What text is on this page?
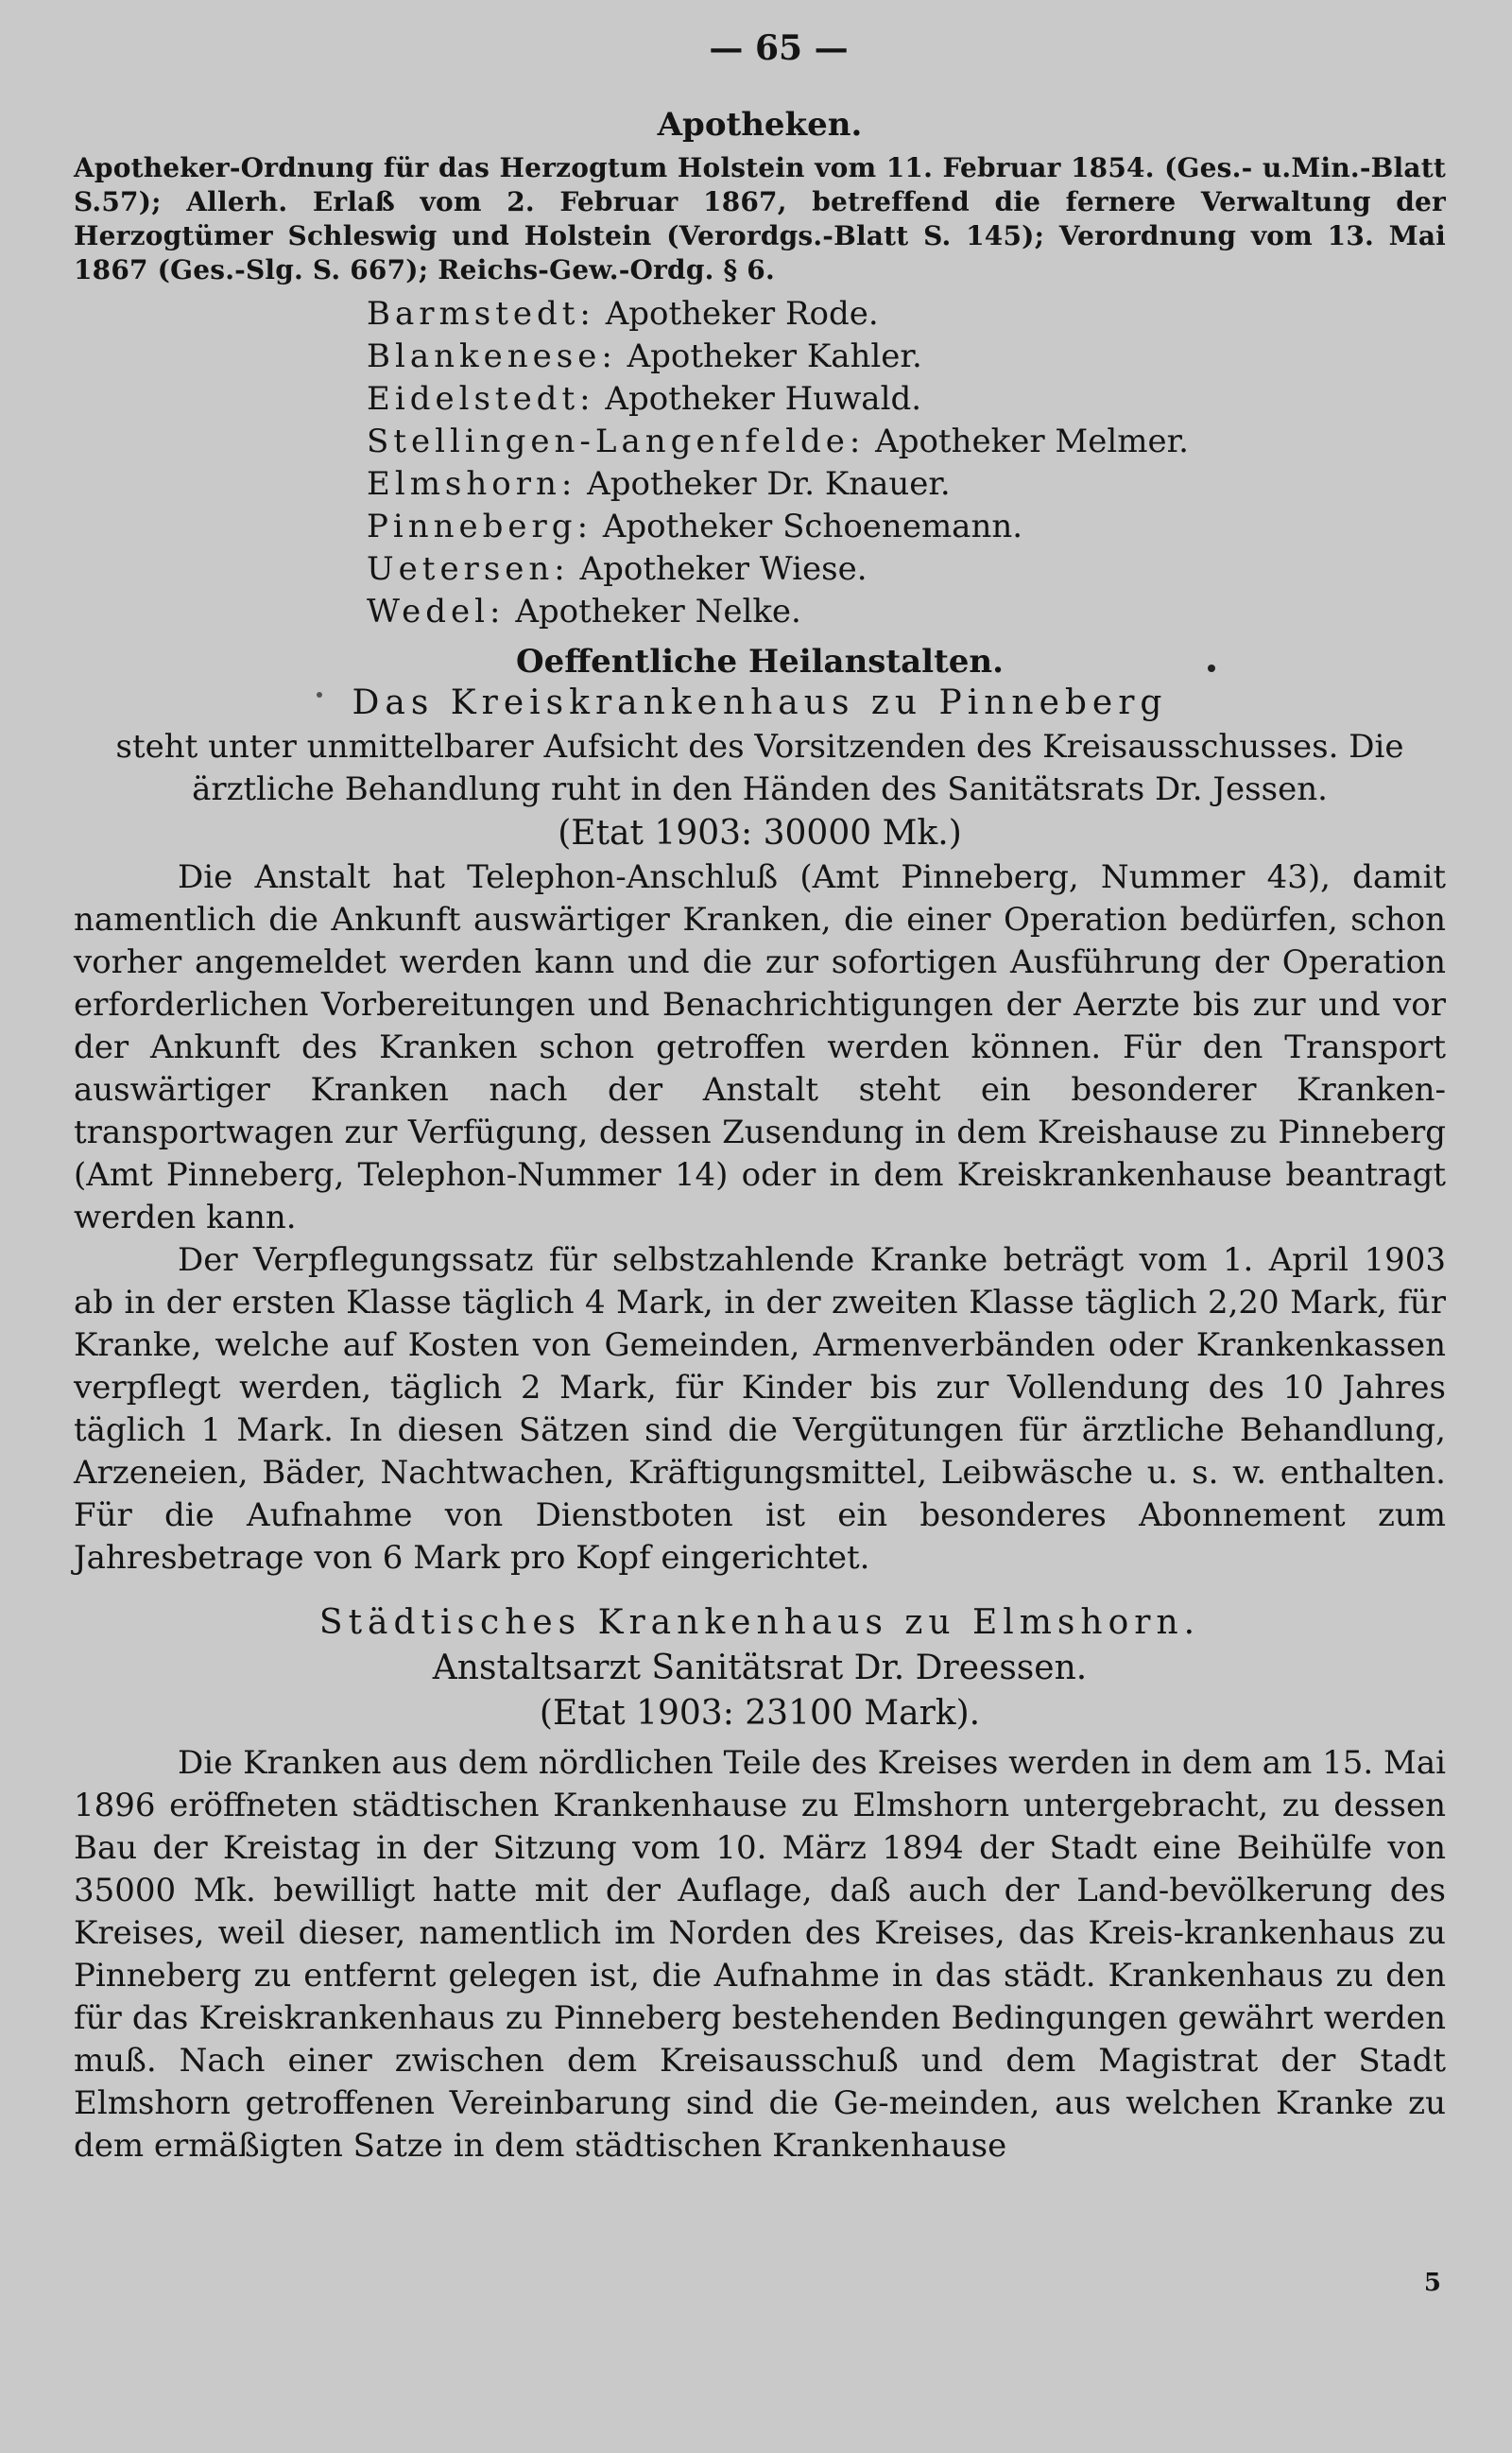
— 65 —
Apotheken.

Apotheker-Ordnung für das Herzogtum Holstein vom 11. Februar 1854. (Ges.- u.Min.-Blatt S.57); Allerh. Erlaß vom 2. Februar 1867, betreffend die fernere Verwaltung der Herzogtümer Schleswig und Holstein (Verordgs.-Blatt S. 145); Verordnung vom 13. Mai 1867 (Ges.-Slg. S. 667); Reichs-Gew.-Ordg. § 6.

Barmstedt: Apotheker Rode.
Blankenese: Apotheker Kahler.
Eidelstedt: Apotheker Huwald.
Stellingen-Langenfelde: Apotheker Melmer.
Elmshorn: Apotheker Dr. Knauer.
Pinneberg: Apotheker Schoenemann.
Uetersen: Apotheker Wiese.
Wedel: Apotheker Nelke.
Oeffentliche Heilanstalten.
Das Kreiskrankenhaus zu Pinneberg

steht unter unmittelbarer Aufsicht des Vorsitzenden des Kreisausschusses. Die ärztliche Behandlung ruht in den Händen des Sanitätsrats Dr. Jessen.

(Etat 1903: 30000 Mk.)

Die Anstalt hat Telephon-Anschluß (Amt Pinneberg, Nummer 43), damit namentlich die Ankunft auswärtiger Kranken, die einer Operation bedürfen, schon vorher angemeldet werden kann und die zur sofortigen Ausführung der Operation erforderlichen Vorbereitungen und Benachrichtigungen der Aerzte bis zur und vor der Ankunft des Kranken schon getroffen werden können. Für den Transport auswärtiger Kranken nach der Anstalt steht ein besonderer Kranken-transportwagen zur Verfügung, dessen Zusendung in dem Kreishause zu Pinneberg (Amt Pinneberg, Telephon-Nummer 14) oder in dem Kreiskrankenhause beantragt werden kann.

Der Verpflegungssatz für selbstzahlende Kranke beträgt vom 1. April 1903 ab in der ersten Klasse täglich 4 Mark, in der zweiten Klasse täglich 2,20 Mark, für Kranke, welche auf Kosten von Gemeinden, Armenverbänden oder Krankenkassen verpflegt werden, täglich 2 Mark, für Kinder bis zur Vollendung des 10 Jahres täglich 1 Mark. In diesen Sätzen sind die Vergütungen für ärztliche Behandlung, Arzeneien, Bäder, Nachtwachen, Kräftigungsmittel, Leibwäsche u. s. w. enthalten. Für die Aufnahme von Dienstboten ist ein besonderes Abonnement zum Jahresbetrage von 6 Mark pro Kopf eingerichtet.

Städtisches Krankenhaus zu Elmshorn.
Anstaltsarzt Sanitätsrat Dr. Dreessen.
(Etat 1903: 23100 Mark).

Die Kranken aus dem nördlichen Teile des Kreises werden in dem am 15. Mai 1896 eröffneten städtischen Krankenhause zu Elmshorn untergebracht, zu dessen Bau der Kreistag in der Sitzung vom 10. März 1894 der Stadt eine Beihülfe von 35000 Mk. bewilligt hatte mit der Auflage, daß auch der Land-bevölkerung des Kreises, weil dieser, namentlich im Norden des Kreises, das Kreis-krankenhaus zu Pinneberg zu entfernt gelegen ist, die Aufnahme in das städt. Krankenhaus zu den für das Kreiskrankenhaus zu Pinneberg bestehenden Bedingungen gewährt werden muß. Nach einer zwischen dem Kreisausschuß und dem Magistrat der Stadt Elmshorn getroffenen Vereinbarung sind die Ge-meinden, aus welchen Kranke zu dem ermäßigten Satze in dem städtischen Krankenhause

5
